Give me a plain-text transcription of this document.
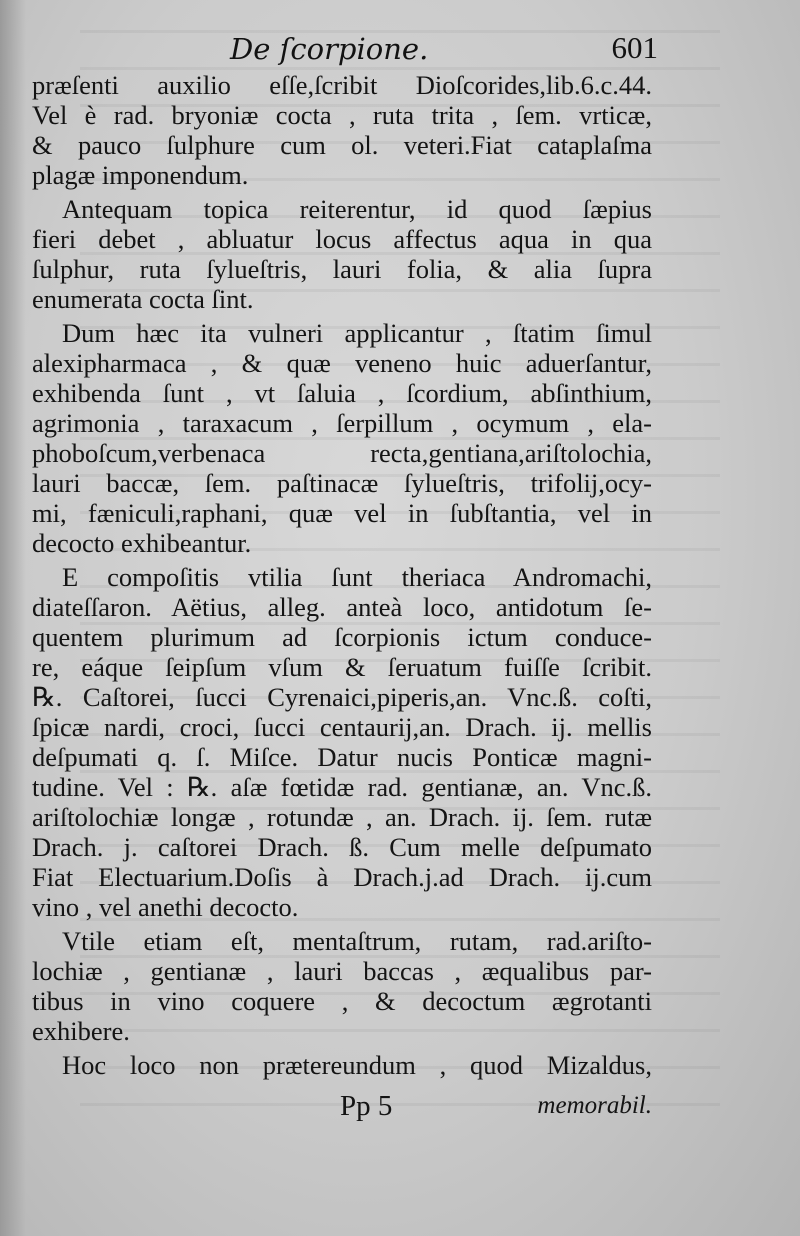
De ſcorpione.	601
præſenti auxilio eſſe,ſcribit Dioſcorides,lib.6.c.44.
Vel è rad. bryoniæ cocta , ruta trita , ſem. vrticæ,
& pauco ſulphure cum ol. veteri.Fiat cataplaſma
plagæ imponendum.
Antequam topica reiterentur, id quod ſæpius
fieri debet , abluatur locus affectus aqua in qua
ſulphur, ruta ſylueſtris, lauri folia, & alia ſupra
enumerata cocta ſint.
Dum hæc ita vulneri applicantur , ſtatim ſimul
alexipharmaca , & quæ veneno huic aduerſantur,
exhibenda ſunt , vt ſaluia , ſcordium, abſinthium,
agrimonia , taraxacum , ſerpillum , ocymum , ela-
phoboſcum,verbenaca recta,gentiana,ariſtolochia,
lauri baccæ, ſem. paſtinacæ ſylueſtris, trifolij,ocy-
mi, fæniculi,raphani, quæ vel in ſubſtantia, vel in
decocto exhibeantur.
E compoſitis vtilia ſunt theriaca Andromachi,
diateſſaron. Aëtius, alleg. anteà loco, antidotum ſe-
quentem plurimum ad ſcorpionis ictum conduce-
re, eáque ſeipſum vſum & ſeruatum fuiſſe ſcribit.
℞. Caſtorei, ſucci Cyrenaici,piperis,an. Vnc.ß. coſti,
ſpicæ nardi, croci, ſucci centaurij,an. Drach. ij. mellis
deſpumati q. ſ. Miſce. Datur nucis Ponticæ magni-
tudine. Vel : ℞. aſæ fœtidæ rad. gentianæ, an. Vnc.ß.
ariſtolochiæ longæ , rotundæ , an. Drach. ij. ſem. rutæ
Drach. j. caſtorei Drach. ß. Cum melle deſpumato
Fiat Electuarium.Doſis à Drach.j.ad Drach. ij.cum
vino , vel anethi decocto.
Vtile etiam eſt, mentaſtrum, rutam, rad.ariſto-
lochiæ , gentianæ , lauri baccas , æqualibus par-
tibus in vino coquere , & decoctum ægrotanti
exhibere.
Hoc loco non prætereundum , quod Mizaldus,
Pp 5	memorabil.
